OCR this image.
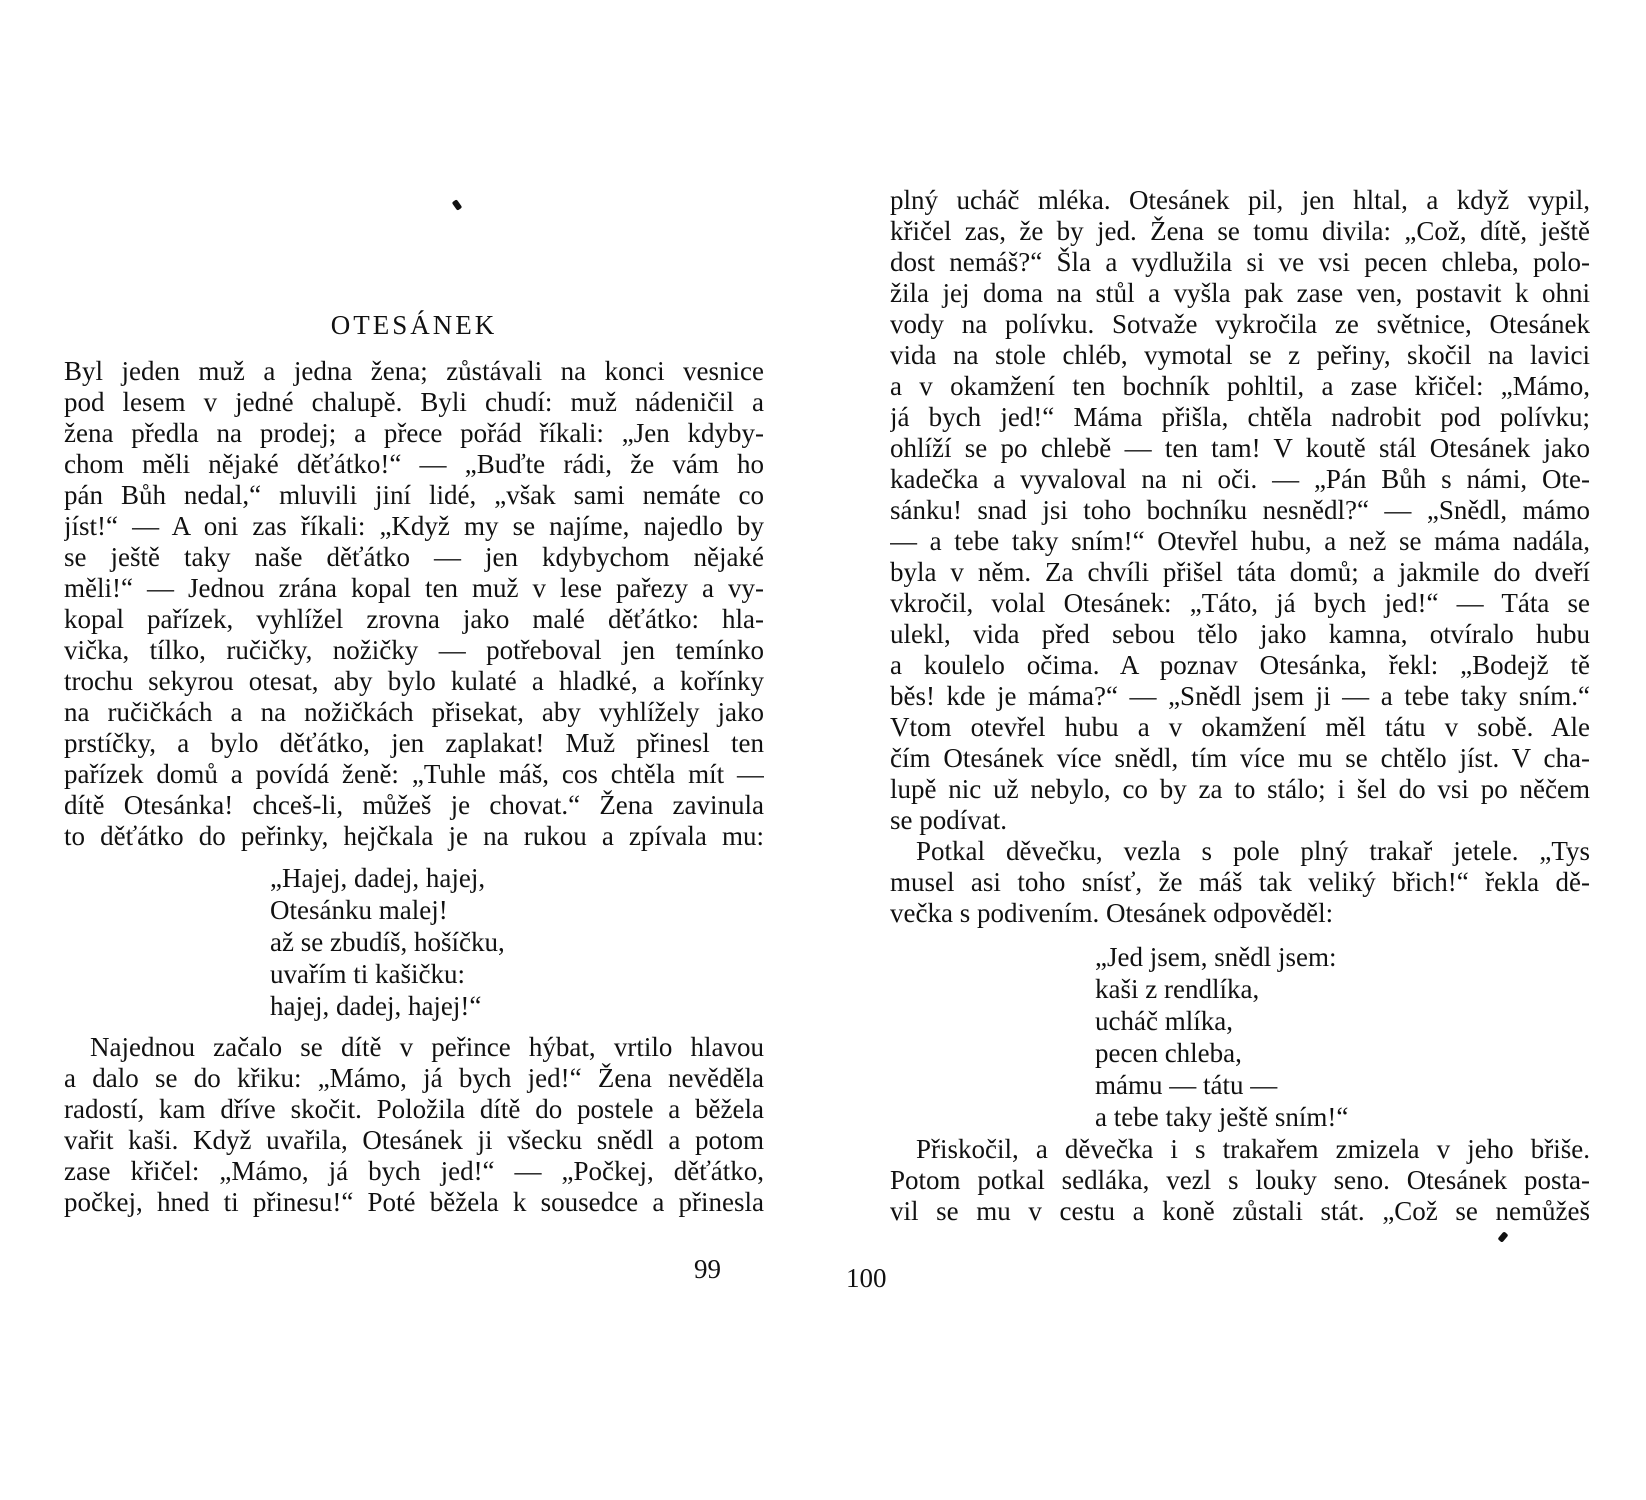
OTESÁNEK
Byl jeden muž a jedna žena; zůstávali na konci vesnice
pod lesem v jedné chalupě. Byli chudí: muž nádeničil a
žena předla na prodej; a přece pořád říkali: „Jen kdyby-
chom měli nějaké děťátko!“ — „Buďte rádi, že vám ho
pán Bůh nedal,“ mluvili jiní lidé, „však sami nemáte co
jíst!“ — A oni zas říkali: „Když my se najíme, najedlo by
se ještě taky naše děťátko — jen kdybychom nějaké
měli!“ — Jednou zrána kopal ten muž v lese pařezy a vy-
kopal pařízek, vyhlížel zrovna jako malé děťátko: hla-
vička, tílko, ručičky, nožičky — potřeboval jen temínko
trochu sekyrou otesat, aby bylo kulaté a hladké, a kořínky
na ručičkách a na nožičkách přisekat, aby vyhlížely jako
prstíčky, a bylo děťátko, jen zaplakat! Muž přinesl ten
pařízek domů a povídá ženě: „Tuhle máš, cos chtěla mít —
dítě Otesánka! chceš-li, můžeš je chovat.“ Žena zavinula
to děťátko do peřinky, hejčkala je na rukou a zpívala mu:
„Hajej, dadej, hajej,
Otesánku malej!
až se zbudíš, hošíčku,
uvařím ti kašičku:
hajej, dadej, hajej!“
Najednou začalo se dítě v peřince hýbat, vrtilo hlavou
a dalo se do křiku: „Mámo, já bych jed!“ Žena nevěděla
radostí, kam dříve skočit. Položila dítě do postele a běžela
vařit kaši. Když uvařila, Otesánek ji všecku snědl a potom
zase křičel: „Mámo, já bych jed!“ — „Počkej, děťátko,
počkej, hned ti přinesu!“ Poté běžela k sousedce a přinesla
99
plný ucháč mléka. Otesánek pil, jen hltal, a když vypil,
křičel zas, že by jed. Žena se tomu divila: „Což, dítě, ještě
dost nemáš?“ Šla a vydlužila si ve vsi pecen chleba, polo-
žila jej doma na stůl a vyšla pak zase ven, postavit k ohni
vody na polívku. Sotvaže vykročila ze světnice, Otesánek
vida na stole chléb, vymotal se z peřiny, skočil na lavici
a v okamžení ten bochník pohltil, a zase křičel: „Mámo,
já bych jed!“ Máma přišla, chtěla nadrobit pod polívku;
ohlíží se po chlebě — ten tam! V koutě stál Otesánek jako
kadečka a vyvaloval na ni oči. — „Pán Bůh s námi, Ote-
sánku! snad jsi toho bochníku nesnědl?“ — „Snědl, mámo
— a tebe taky sním!“ Otevřel hubu, a než se máma nadála,
byla v něm. Za chvíli přišel táta domů; a jakmile do dveří
vkročil, volal Otesánek: „Táto, já bych jed!“ — Táta se
ulekl, vida před sebou tělo jako kamna, otvíralo hubu
a koulelo očima. A poznav Otesánka, řekl: „Bodejž tě
běs! kde je máma?“ — „Snědl jsem ji — a tebe taky sním.“
Vtom otevřel hubu a v okamžení měl tátu v sobě. Ale
čím Otesánek více snědl, tím více mu se chtělo jíst. V cha-
lupě nic už nebylo, co by za to stálo; i šel do vsi po něčem
se podívat.
Potkal děvečku, vezla s pole plný trakař jetele. „Tys
musel asi toho snísť, že máš tak veliký břich!“ řekla dě-
večka s podivením. Otesánek odpověděl:
„Jed jsem, snědl jsem:
kaši z rendlíka,
ucháč mlíka,
pecen chleba,
mámu — tátu —
a tebe taky ještě sním!“
Přiskočil, a děvečka i s trakařem zmizela v jeho břiše.
Potom potkal sedláka, vezl s louky seno. Otesánek posta-
vil se mu v cestu a koně zůstali stát. „Což se nemůžeš
100
